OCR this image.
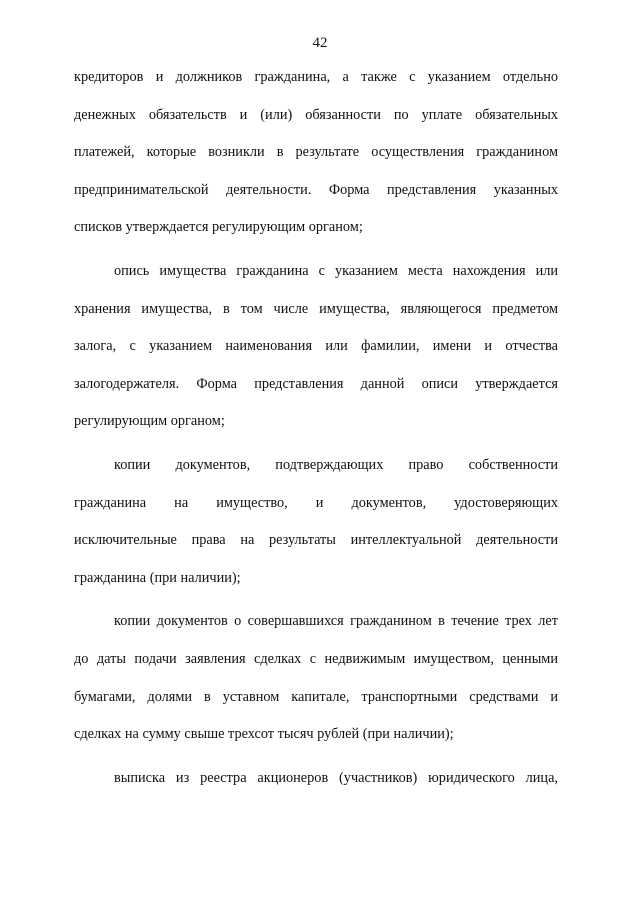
42
кредиторов и должников гражданина, а также с указанием отдельно
денежных обязательств и (или) обязанности по уплате обязательных
платежей, которые возникли в результате осуществления гражданином
предпринимательской деятельности. Форма представления указанных
списков утверждается регулирующим органом;
опись имущества гражданина с указанием места нахождения или
хранения имущества, в том числе имущества, являющегося предметом
залога, с указанием наименования или фамилии, имени и отчества
залогодержателя. Форма представления данной описи утверждается
регулирующим органом;
копии документов, подтверждающих право собственности
гражданина на имущество, и документов, удостоверяющих
исключительные права на результаты интеллектуальной деятельности
гражданина (при наличии);
копии документов о совершавшихся гражданином в течение трех лет
до даты подачи заявления сделках с недвижимым имуществом, ценными
бумагами, долями в уставном капитале, транспортными средствами и
сделках на сумму свыше трехсот тысяч рублей (при наличии);
выписка из реестра акционеров (участников) юридического лица,
